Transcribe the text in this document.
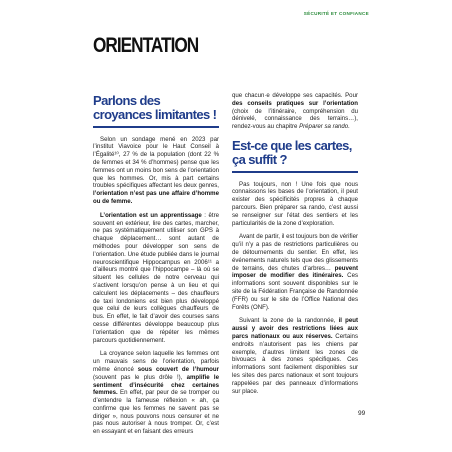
SÉCURITÉ ET CONFIANCE
ORIENTATION
Parlons des croyances limitantes !

Selon un sondage mené en 2023 par l’institut Viavoice pour le Haut Conseil à l’Égalité¹⁰, 27 % de la population (dont 22 % de femmes et 34 % d’hommes) pense que les femmes ont un moins bon sens de l’orientation que les hommes. Or, mis à part certains troubles spécifiques affectant les deux genres, l’orientation n’est pas une affaire d’homme ou de femme.

L’orientation est un apprentissage : être souvent en extérieur, lire des cartes, marcher, ne pas systématiquement utiliser son GPS à chaque déplacement… sont autant de méthodes pour développer son sens de l’orientation. Une étude publiée dans le journal neuroscientifique Hippocampus en 2006¹¹ a d’ailleurs montré que l’hippocampe – là où se situent les cellules de notre cerveau qui s’activent lorsqu’on pense à un lieu et qui calculent les déplacements – des chauffeurs de taxi londoniens est bien plus développé que celui de leurs collègues chauffeurs de bus. En effet, le fait d’avoir des courses sans cesse différentes développe beaucoup plus l’orientation que de répéter les mêmes parcours quotidiennement.

La croyance selon laquelle les femmes ont un mauvais sens de l’orientation, parfois même énoncé sous couvert de l’humour (souvent pas le plus drôle !), amplifie le sentiment d’insécurité chez certaines femmes. En effet, par peur de se tromper ou d’entendre la fameuse réflexion « ah, ça confirme que les femmes ne savent pas se diriger », nous pouvons nous censurer et ne pas nous autoriser à nous tromper. Or, c’est en essayant et en faisant des erreurs

que chacun·e développe ses capacités. Pour des conseils pratiques sur l’orientation (choix de l’itinéraire, compréhension du dénivelé, connaissance des terrains…), rendez-vous au chapitre Préparer sa rando.

Est-ce que les cartes, ça suffit ?

Pas toujours, non ! Une fois que nous connaissons les bases de l’orientation, il peut exister des spécificités propres à chaque parcours. Bien préparer sa rando, c’est aussi se renseigner sur l’état des sentiers et les particularités de la zone d’exploration.

Avant de partir, il est toujours bon de vérifier qu’il n’y a pas de restrictions particulières ou de détournements du sentier. En effet, les événements naturels tels que des glissements de terrains, des chutes d’arbres… peuvent imposer de modifier des itinéraires. Ces informations sont souvent disponibles sur le site de la Fédération Française de Randonnée (FFR) ou sur le site de l’Office National des Forêts (ONF).

Suivant la zone de la randonnée, il peut aussi y avoir des restrictions liées aux parcs nationaux ou aux réserves. Certains endroits n’autorisent pas les chiens par exemple, d’autres limitent les zones de bivouacs à des zones spécifiques. Ces informations sont facilement disponibles sur les sites des parcs nationaux et sont toujours rappelées par des panneaux d’informations sur place.

99
